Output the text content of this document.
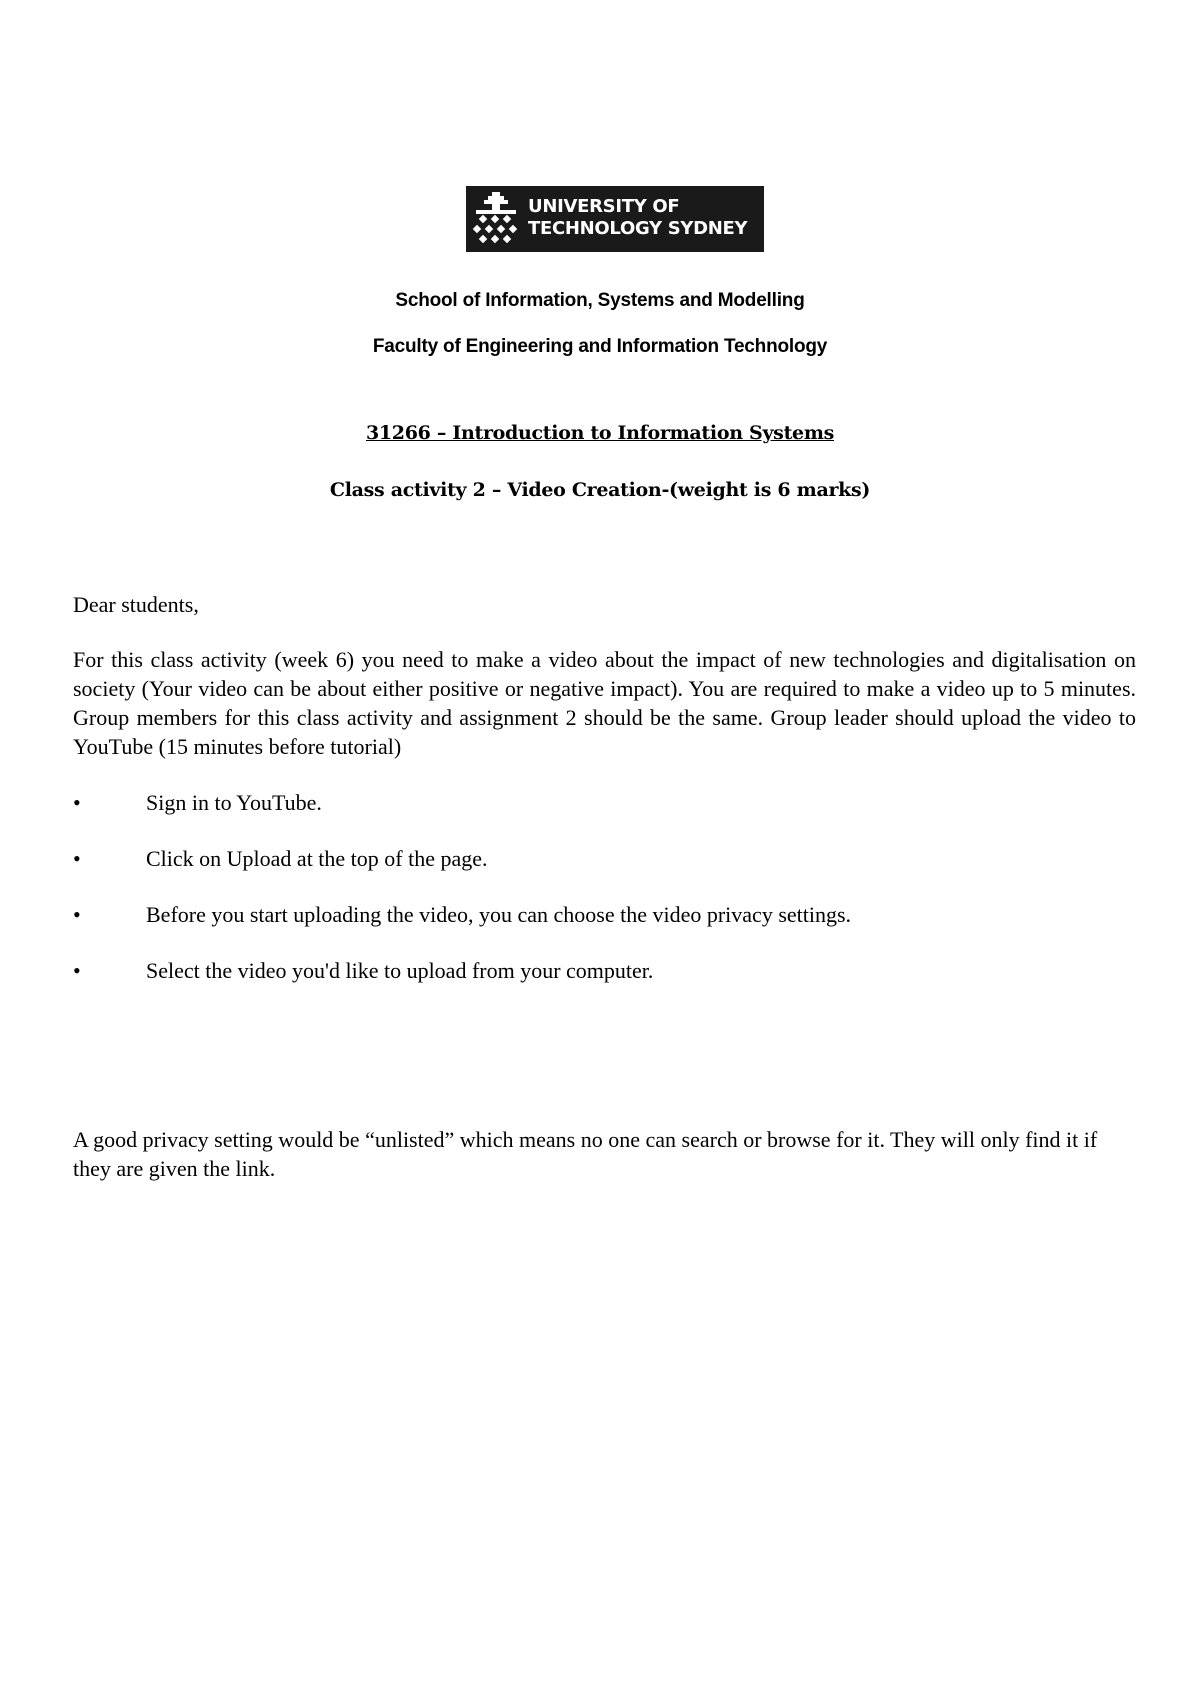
UNIVERSITY OF
TECHNOLOGY SYDNEY
School of Information, Systems and Modelling
Faculty of Engineering and Information Technology
31266 – Introduction to Information Systems
Class activity 2 – Video Creation-(weight is 6 marks)
Dear students,
For this class activity (week 6) you need to make a video about the impact of new technologies and digitalisation on society (Your video can be about either positive or negative impact). You are required to make a video up to 5 minutes. Group members for this class activity and assignment 2 should be the same. Group leader should upload the video to YouTube (15 minutes before tutorial)
•	Sign in to YouTube.
•	Click on Upload at the top of the page.
•	Before you start uploading the video, you can choose the video privacy settings.
•	Select the video you'd like to upload from your computer.
A good privacy setting would be “unlisted” which means no one can search or browse for it. They will only find it if they are given the link.
